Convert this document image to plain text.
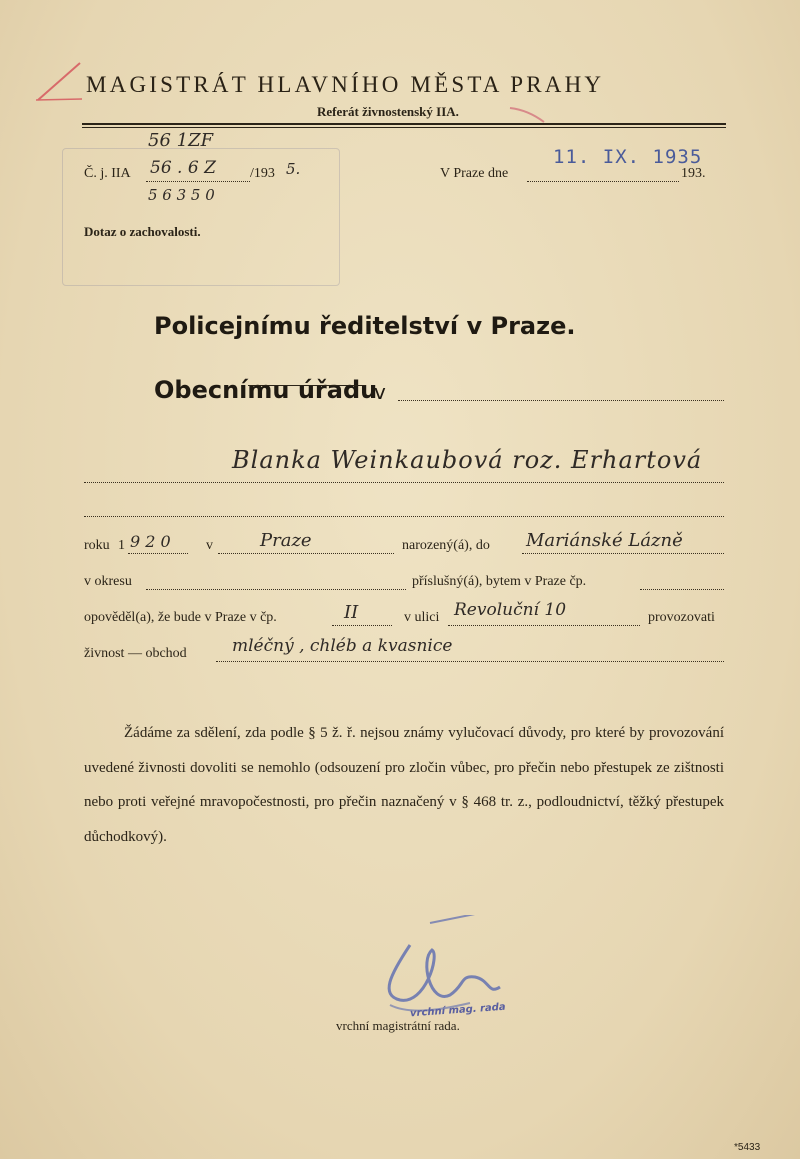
MAGISTRÁT HLAVNÍHO MĚSTA PRAHY
Referát živnostenský IIA.
56 1ZF
Č. j. IIA 56 . 6 Z /193 5.
5 6 3 5 0
Dotaz o zachovalosti.
V Praze dne
11. IX. 1935
193.
Policejnímu ředitelství v Praze.
Obecnímu úřadu
v
Blanka Weinkaubová roz. Erhartová
roku 1 9 2 0	v	Praze	narozený(á), do Mariánské Lázně
v okresu	příslušný(á), bytem v Praze čp.
opověděl(a), že bude v Praze v čp.	II	v ulici Revoluční 10	provozovati
živnost — obchod	mléčný , chléb a kvasnice

Žádáme za sdělení, zda podle § 5 ž. ř. nejsou známy vylučovací důvody, pro které by provozování uvedené živnosti dovoliti se nemohlo (odsouzení pro zločin vůbec, pro přečin nebo přestupek ze zištnosti nebo proti veřejné mravopočestnosti, pro přečin naznačený v § 468 tr. z., podloudnictví, těžký přestupek důchodkový).

vrchní mag. rada
vrchní magistrátní rada.
*5433
